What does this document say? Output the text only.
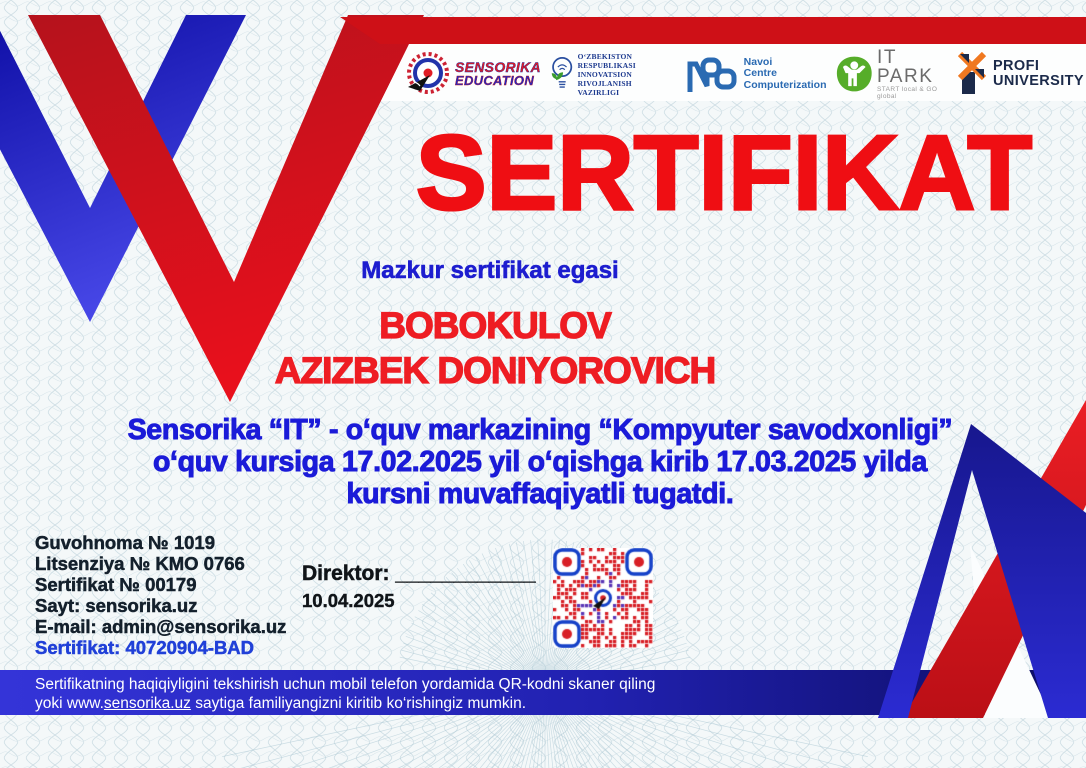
SENSORIKA
EDUCATION
O‘ZBEKISTON RESPUBLIKASI
INNOVATSION RIVOJLANISH
VAZIRLIGI
Navoi
Centre
Computerization
IT PARK
START local & GO global
PROFI
UNIVERSITY
SERTIFIKAT
Mazkur sertifikat egasi
BOBOKULOV
AZIZBEK DONIYOROVICH
Sensorika “IT” - o‘quv markazining “Kompyuter savodxonligi”
o‘quv kursiga 17.02.2025 yil o‘qishga kirib 17.03.2025 yilda
kursni muvaffaqiyatli tugatdi.
Guvohnoma № 1019
Litsenziya № KMO 0766
Sertifikat № 00179
Sayt: sensorika.uz
E-mail: admin@sensorika.uz
Sertifikat: 40720904-BAD
Direktor: ____________
10.04.2025
Sertifikatning haqiqiyligini tekshirish uchun mobil telefon yordamida QR-kodni skaner qiling
yoki www.sensorika.uz saytiga familiyangizni kiritib ko‘rishingiz mumkin.
